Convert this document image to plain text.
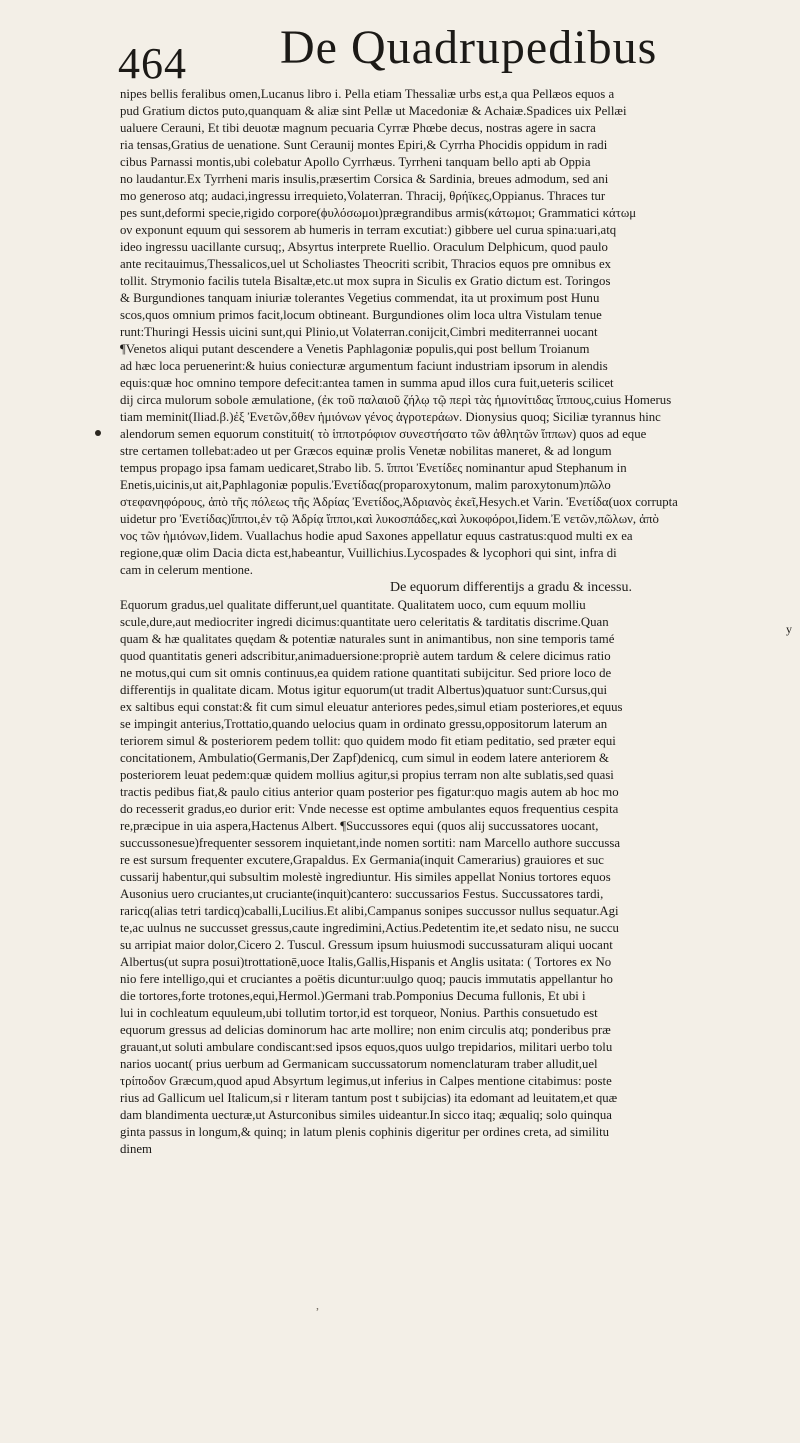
464 De Quadrupedibus
y
nipes bellis feralibus omen,Lucanus libro i. Pella etiam Thessaliæ urbs est,a qua Pellæos equos a
pud Gratium dictos puto,quanquam & aliæ sint Pellæ ut Macedoniæ & Achaiæ.Spadices uix Pellæi
ualuere Cerauni, Et tibi deuotæ magnum pecuaria Cyrræ Phœbe decus, nostras agere in sacra
ria tensas,Gratius de uenatione. Sunt Ceraunij montes Epiri,& Cyrrha Phocidis oppidum in radi
cibus Parnassi montis,ubi colebatur Apollo Cyrrhæus. Tyrrheni tanquam bello apti ab Oppia
no laudantur.Ex Tyrrheni maris insulis,præsertim Corsica & Sardinia, breues admodum, sed ani
mo generoso atq; audaci,ingressu irrequieto,Volaterran. Thracij, θρήϊκες,Oppianus. Thraces tur
pes sunt,deformi specie,rigido corpore(ϕυλόσωμοι)prægrandibus armis(κάτωμοι; Grammatici κάτωμ
ον exponunt equum qui sessorem ab humeris in terram excutiat:) gibbere uel curua spina:uari,atq
ideo ingressu uacillante cursuq;, Absyrtus interprete Ruellio. Oraculum Delphicum, quod paulo
ante recitauimus,Thessalicos,uel ut Scholiastes Theocriti scribit, Thracios equos pre omnibus ex
tollit. Strymonio facilis tutela Bisaltæ,etc.ut mox supra in Siculis ex Gratio dictum est. Toringos
& Burgundiones tanquam iniuriæ tolerantes Vegetius commendat, ita ut proximum post Hunu
scos,quos omnium primos facit,locum obtineant. Burgundiones olim loca ultra Vistulam tenue
runt:Thuringi Hessis uicini sunt,qui Plinio,ut Volaterran.conijcit,Cimbri mediterrannei uocant
¶Venetos aliqui putant descendere a Venetis Paphlagoniæ populis,qui post bellum Troianum
ad hæc loca peruenerint:& huius coniecturæ argumentum faciunt industriam ipsorum in alendis
equis:quæ hoc omnino tempore defecit:antea tamen in summa apud illos cura fuit,ueteris scilicet
dij circa mulorum sobole æmulatione, (ἐκ τοῦ παλαιοῦ ζήλῳ τῷ περὶ τὰς ἡμιονίτιδας ἵππους,cuius Homerus
tiam meminit(Iliad.β.)ἐξ Ἐνετῶν,ὅθεν ἡμιόνων γένος ἀγροτεράων. Dionysius quoq; Siciliæ tyrannus hinc
alendorum semen equorum constituit( τὸ ἱπποτρόφιον συνεστήσατο τῶν ἀθλητῶν ἵππων) quos ad eque
stre certamen tollebat:adeo ut per Græcos equinæ prolis Venetæ nobilitas maneret, & ad longum
tempus propago ipsa famam uedicaret,Strabo lib. 5. ἵπποι Ἐνετίδες nominantur apud Stephanum in
Enetis,uicinis,ut ait,Paphlagoniæ populis.Ἐνετίδας(proparoxytonum, malim paroxytonum)πῶλο
στεφανηφόρους, ἀπὸ τῆς πόλεως τῆς Ἀδρίας Ἐνετίδος,Ἀδριανὸς ἐκεῖ,Hesych.et Varin. Ἐνετίδα(uox corrupta
uidetur pro Ἐνετίδας)ἵπποι,ἐν τῷ Ἀδρίᾳ ἵπποι,καὶ λυκοσπάδες,καὶ λυκοφόροι,Iidem.Ἐ νετῶν,πῶλων, ἀπὸ
νος τῶν ἡμιόνων,Iidem. Vuallachus hodie apud Saxones appellatur equus castratus:quod multi ex ea
regione,quæ olim Dacia dicta est,habeantur, Vuillichius.Lycospades & lycophori qui sint, infra di
cam in celerum mentione.
De equorum differentijs a gradu & incessu.
Equorum gradus,uel qualitate differunt,uel quantitate. Qualitatem uoco, cum equum molliu
scule,dure,aut mediocriter ingredi dicimus:quantitate uero celeritatis & tarditatis discrime.Quan
quam & hæ qualitates quędam & potentiæ naturales sunt in animantibus, non sine temporis tamé
quod quantitatis generi adscribitur,animaduersione:propriè autem tardum & celere dicimus ratio
ne motus,qui cum sit omnis continuus,ea quidem ratione quantitati subijcitur. Sed priore loco de
differentijs in qualitate dicam. Motus igitur equorum(ut tradit Albertus)quatuor sunt:Cursus,qui
ex saltibus equi constat:& fit cum simul eleuatur anteriores pedes,simul etiam posteriores,et equus
se impingit anterius,Trottatio,quando uelocius quam in ordinato gressu,oppositorum laterum an
teriorem simul & posteriorem pedem tollit: quo quidem modo fit etiam peditatio, sed præter equi
concitationem, Ambulatio(Germanis,Der Zapf)denicq, cum simul in eodem latere anteriorem &
posteriorem leuat pedem:quæ quidem mollius agitur,si propius terram non alte sublatis,sed quasi
tractis pedibus fiat,& paulo citius anterior quam posterior pes figatur:quo magis autem ab hoc mo
do recesserit gradus,eo durior erit: Vnde necesse est optime ambulantes equos frequentius cespita
re,præcipue in uia aspera,Hactenus Albert. ¶Succussores equi (quos alij succussatores uocant,
succussonesue)frequenter sessorem inquietant,inde nomen sortiti: nam Marcello authore succussa
re est sursum frequenter excutere,Grapaldus. Ex Germania(inquit Camerarius) grauiores et suc
cussarij habentur,qui subsultim molestè ingrediuntur. His similes appellat Nonius tortores equos
Ausonius uero cruciantes,ut cruciante(inquit)cantero: succussarios Festus. Succussatores tardi,
raricq(alias tetri tardicq)caballi,Lucilius.Et alibi,Campanus sonipes succussor nullus sequatur.Agi
te,ac uulnus ne succusset gressus,caute ingredimini,Actius.Pedetentim ite,et sedato nisu, ne succu
su arripiat maior dolor,Cicero 2. Tuscul. Gressum ipsum huiusmodi succussaturam aliqui uocant
Albertus(ut supra posui)trottationē,uoce Italis,Gallis,Hispanis et Anglis usitata: ( Tortores ex No
nio fere intelligo,qui et cruciantes a poëtis dicuntur:uulgo quoq; paucis immutatis appellantur ho
die tortores,forte trotones,equi,Hermol.)Germani trab.Pomponius Decuma fullonis, Et ubi i
lui in cochleatum equuleum,ubi tollutim tortor,id est torqueor, Nonius. Parthis consuetudo est
equorum gressus ad delicias dominorum hac arte mollire; non enim circulis atq; ponderibus præ
grauant,ut soluti ambulare condiscant:sed ipsos equos,quos uulgo trepidarios, militari uerbo tolu
narios uocant( prius uerbum ad Germanicam succussatorum nomenclaturam traber alludit,uel
τρίποδον Græcum,quod apud Absyrtum legimus,ut inferius in Calpes mentione citabimus: poste
rius ad Gallicum uel Italicum,si r literam tantum post t subijcias) ita edomant ad leuitatem,et quæ
dam blandimenta uecturæ,ut Asturconibus similes uideantur.In sicco itaq; æqualiq; solo quinqua
ginta passus in longum,& quinq; in latum plenis cophinis digeritur per ordines creta, ad similitu
dinem
,
